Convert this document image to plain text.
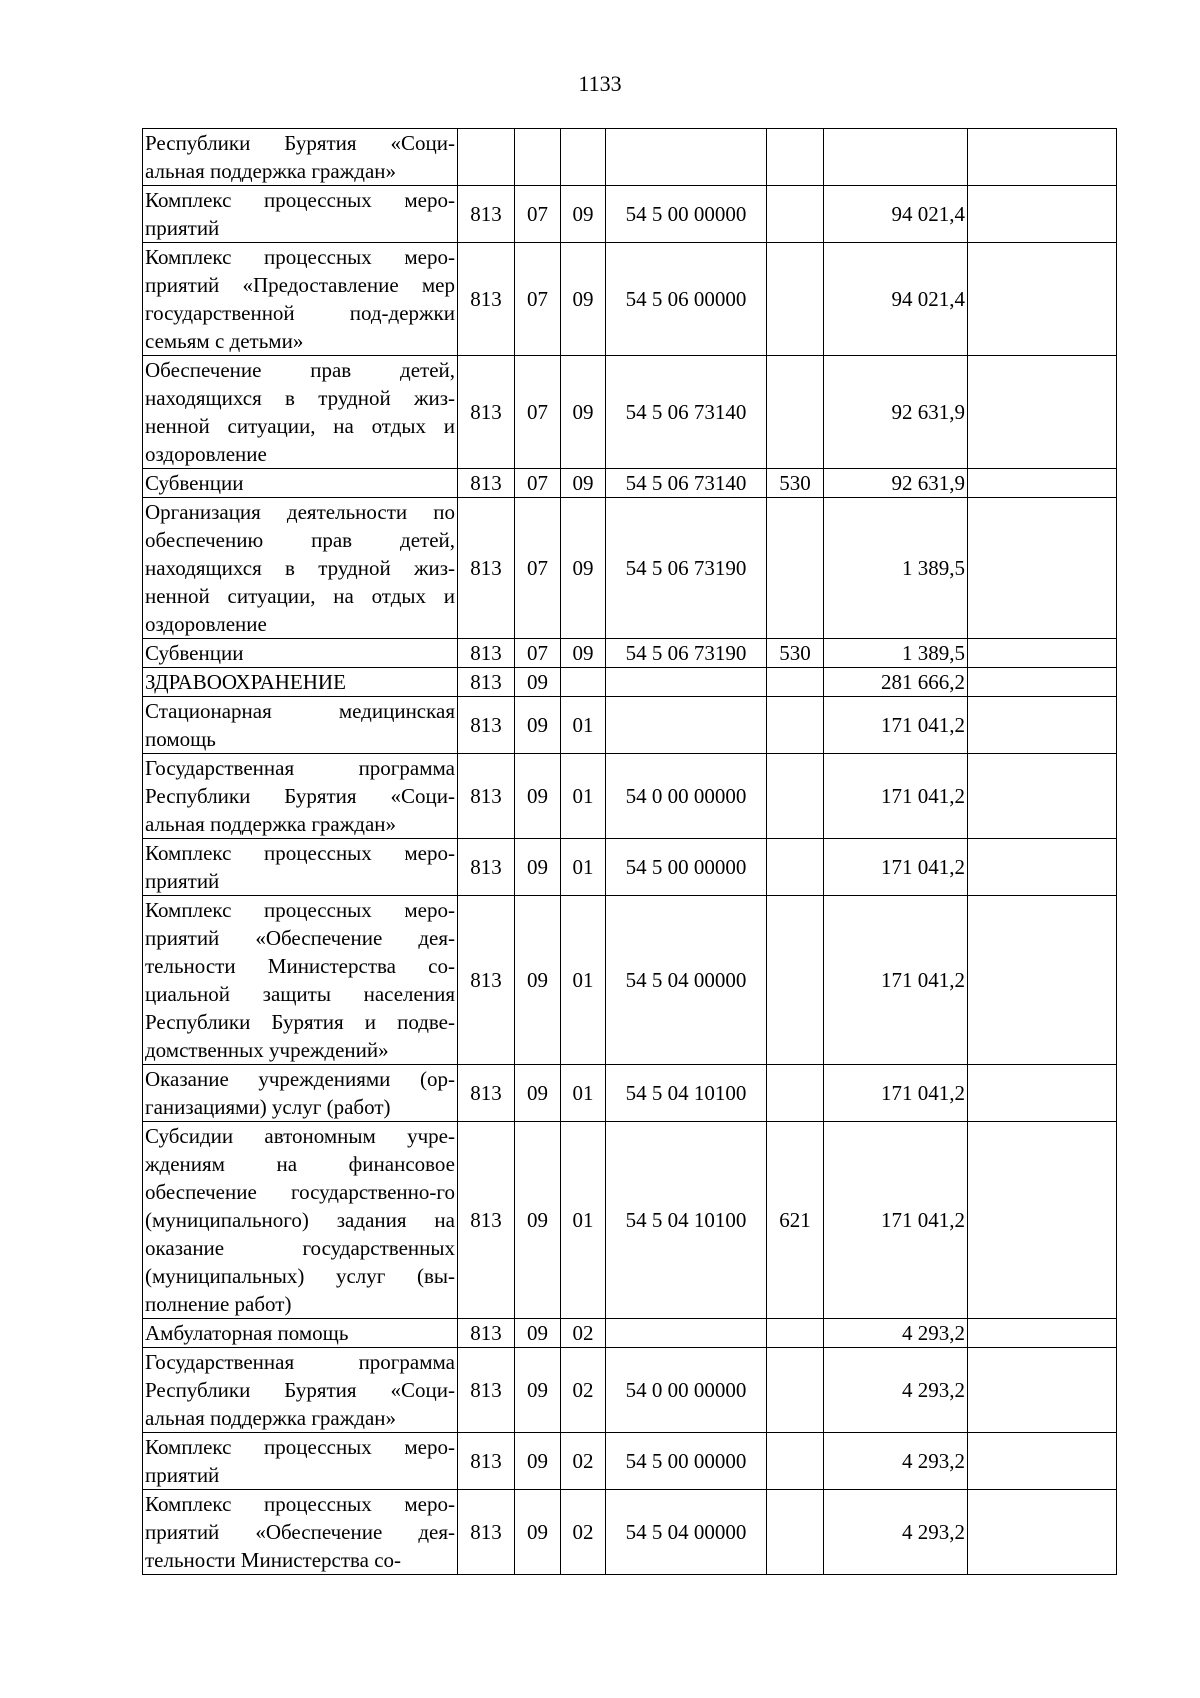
1133
Республики Бурятия «Соци-альная поддержка граждан»							
Комплекс процессных меро-приятий	813	07	09	54 5 00 00000		94 021,4	
Комплекс процессных меро-приятий «Предоставление мер государственной под-держки семьям с детьми»	813	07	09	54 5 06 00000		94 021,4	
Обеспечение прав детей, находящихся в трудной жиз-ненной ситуации, на отдых и оздоровление	813	07	09	54 5 06 73140		92 631,9	
Субвенции	813	07	09	54 5 06 73140	530	92 631,9	
Организация деятельности по обеспечению прав детей, находящихся в трудной жиз-ненной ситуации, на отдых и оздоровление	813	07	09	54 5 06 73190		1 389,5	
Субвенции	813	07	09	54 5 06 73190	530	1 389,5	
ЗДРАВООХРАНЕНИЕ	813	09				281 666,2	
Стационарная медицинская помощь	813	09	01			171 041,2	
Государственная программа Республики Бурятия «Соци-альная поддержка граждан»	813	09	01	54 0 00 00000		171 041,2	
Комплекс процессных меро-приятий	813	09	01	54 5 00 00000		171 041,2	
Комплекс процессных меро-приятий «Обеспечение дея-тельности Министерства со-циальной защиты населения Республики Бурятия и подве-домственных учреждений»	813	09	01	54 5 04 00000		171 041,2	
Оказание учреждениями (ор-ганизациями) услуг (работ)	813	09	01	54 5 04 10100		171 041,2	
Субсидии автономным учре-ждениям на финансовое обеспечение государственно-го (муниципального) задания на оказание государственных (муниципальных) услуг (вы-полнение работ)	813	09	01	54 5 04 10100	621	171 041,2	
Амбулаторная помощь	813	09	02			4 293,2	
Государственная программа Республики Бурятия «Соци-альная поддержка граждан»	813	09	02	54 0 00 00000		4 293,2	
Комплекс процессных меро-приятий	813	09	02	54 5 00 00000		4 293,2	
Комплекс процессных меро-приятий «Обеспечение дея-тельности Министерства со-	813	09	02	54 5 04 00000		4 293,2	
